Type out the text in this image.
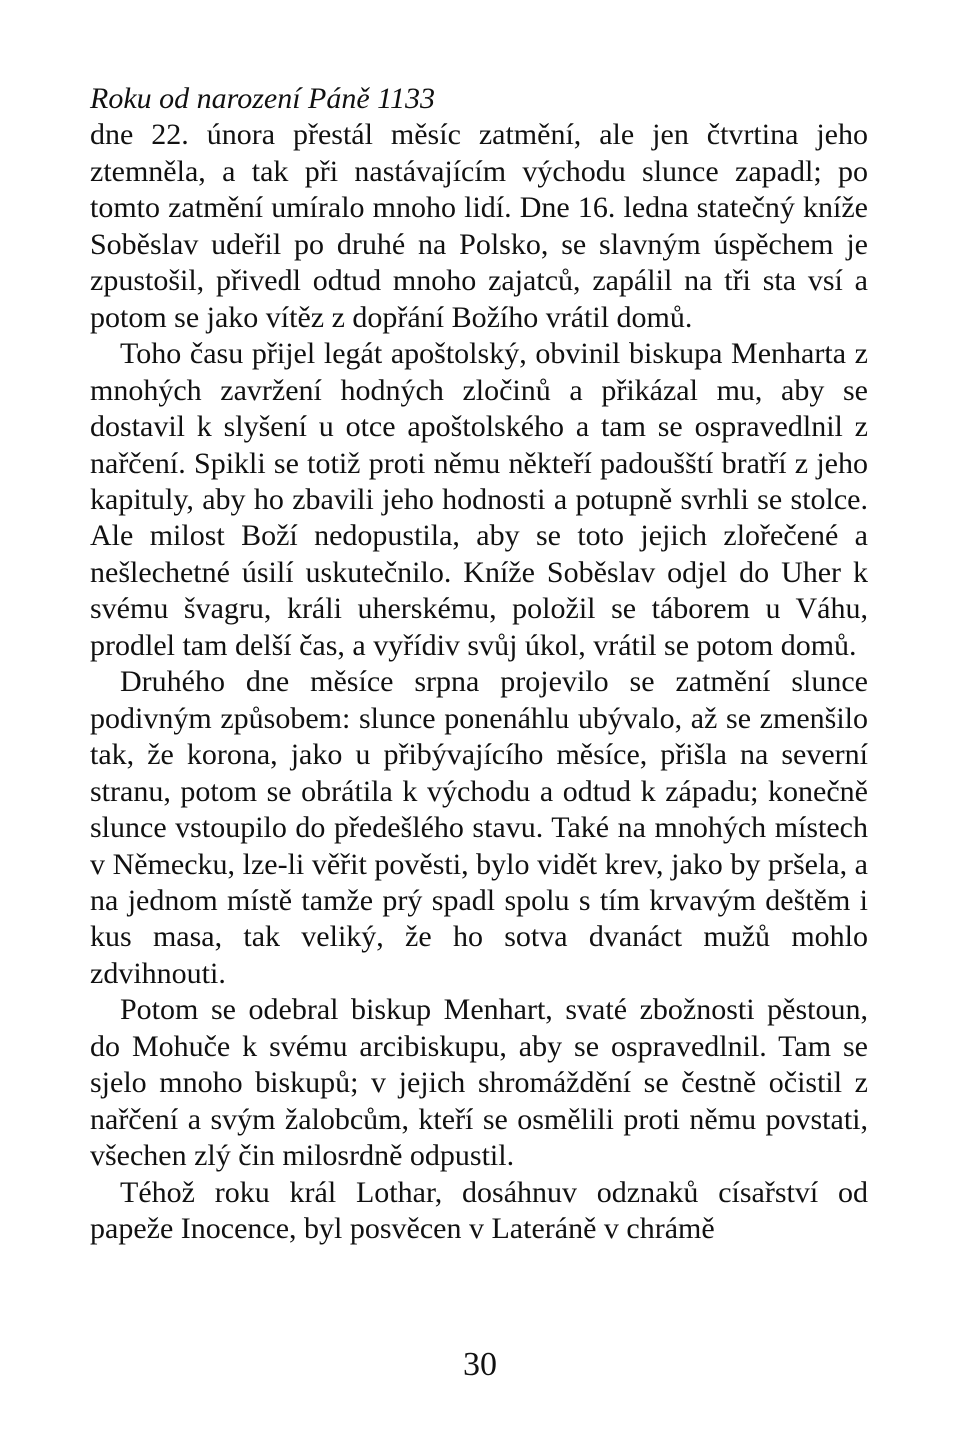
Roku od narození Páně 1133

dne 22. února přestál měsíc zatmění, ale jen čtvrtina jeho ztemněla, a tak při nastávajícím východu slunce zapadl; po tomto zatmění umíralo mnoho lidí. Dne 16. ledna statečný kníže Soběslav udeřil po druhé na Polsko, se slavným úspěchem je zpustošil, přivedl odtud mnoho zajatců, zapálil na tři sta vsí a potom se jako vítěz z dopřání Božího vrátil domů.

Toho času přijel legát apoštolský, obvinil biskupa Menharta z mnohých zavržení hodných zločinů a přikázal mu, aby se dostavil k slyšení u otce apoštolského a tam se ospravedlnil z nařčení. Spikli se totiž proti němu někteří padoušští bratří z jeho kapituly, aby ho zbavili jeho hodnosti a potupně svrhli se stolce. Ale milost Boží nedopustila, aby se toto jejich zlořečené a nešlechetné úsilí uskutečnilo. Kníže Soběslav odjel do Uher k svému švagru, králi uherskému, položil se táborem u Váhu, prodlel tam delší čas, a vyřídiv svůj úkol, vrátil se potom domů.

Druhého dne měsíce srpna projevilo se zatmění slunce podivným způsobem: slunce ponenáhlu ubývalo, až se zmenšilo tak, že korona, jako u přibývajícího měsíce, přišla na severní stranu, potom se obrátila k východu a odtud k západu; konečně slunce vstoupilo do předešlého stavu. Také na mnohých místech v Německu, lze-li věřit pověsti, bylo vidět krev, jako by pršela, a na jednom místě tamže prý spadl spolu s tím krvavým deštěm i kus masa, tak veliký, že ho sotva dvanáct mužů mohlo zdvihnouti.

Potom se odebral biskup Menhart, svaté zbožnosti pěstoun, do Mohuče k svému arcibiskupu, aby se ospravedlnil. Tam se sjelo mnoho biskupů; v jejich shromáždění se čestně očistil z nařčení a svým žalobcům, kteří se osmělili proti němu povstati, všechen zlý čin milosrdně odpustil.

Téhož roku král Lothar, dosáhnuv odznaků císařství od papeže Inocence, byl posvěcen v Lateráně v chrámě

30
